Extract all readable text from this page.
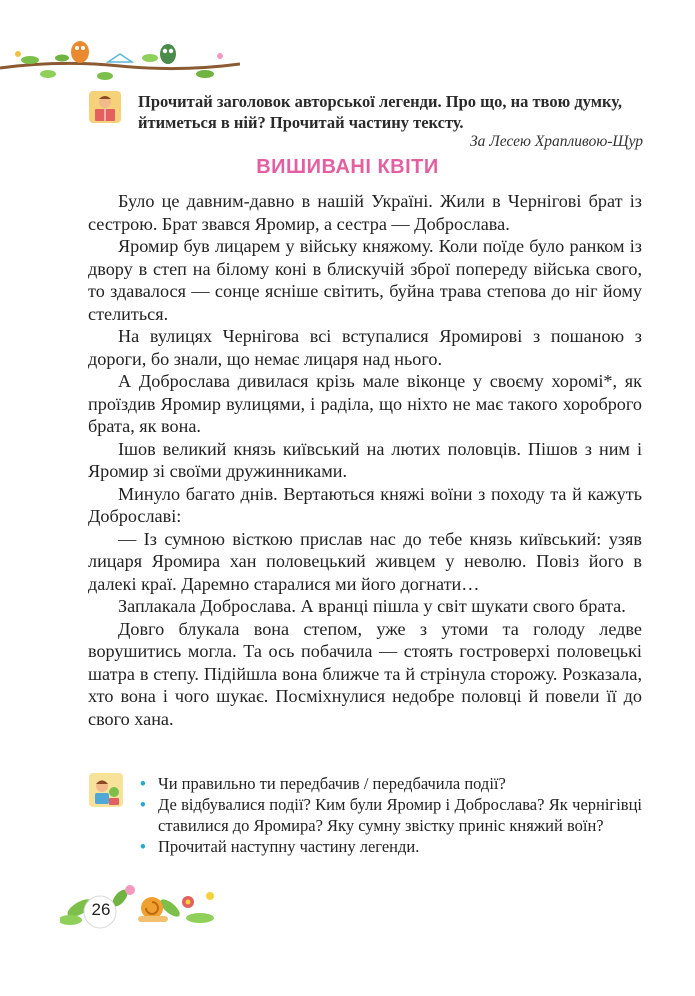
Прочитай заголовок авторської легенди. Про що, на твою думку, йтиметься в ній? Прочитай частину тексту.
За Лесею Храпливою-Щур
ВИШИВАНІ КВІТИ

Було це давним-давно в нашій Україні. Жили в Чернігові брат із сестрою. Брат звався Яромир, а сестра — Доброслава.

Яромир був лицарем у війську княжому. Коли поїде було ранком із двору в степ на білому коні в блискучій зброї попереду війська свого, то здавалося — сонце ясніше світить, буйна трава степова до ніг йому стелиться.

На вулицях Чернігова всі вступалися Яромирові з пошаною з дороги, бо знали, що немає лицаря над нього.

А Доброслава дивилася крізь мале віконце у своєму хоромі*, як проїздив Яромир вулицями, і раділа, що ніхто не має такого хороброго брата, як вона.

Ішов великий князь київський на лютих половців. Пішов з ним і Яромир зі своїми дружинниками.

Минуло багато днів. Вертаються княжі воїни з походу та й кажуть Доброславі:

— Із сумною вісткою прислав нас до тебе князь київський: узяв лицаря Яромира хан половецький живцем у неволю. Повіз його в далекі краї. Даремно старалися ми його догнати…

Заплакала Доброслава. А вранці пішла у світ шукати свого брата.

Довго блукала вона степом, уже з утоми та голоду ледве ворушитись могла. Та ось побачила — стоять гостроверхі половецькі шатра в степу. Підійшла вона ближче та й стрінула сторожу. Розказала, хто вона і чого шукає. Посміхнулися недобре половці й повели її до свого хана.

• Чи правильно ти передбачив / передбачила події?
• Де відбувалися події? Ким були Яромир і Доброслава? Як чернігівці ставилися до Яромира? Яку сумну звістку приніс княжий воїн?
• Прочитай наступну частину легенди.
26
